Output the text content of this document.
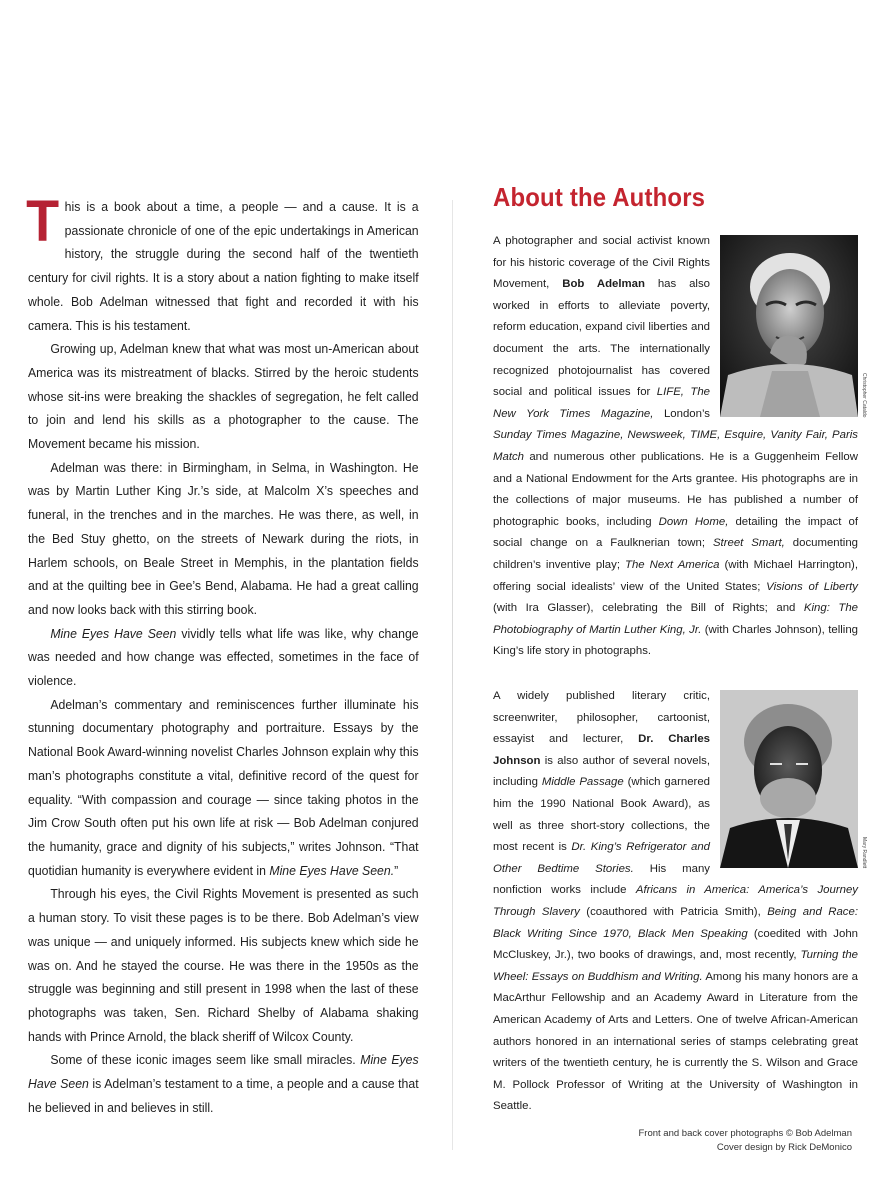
This is a book about a time, a people — and a cause. It is a passionate chronicle of one of the epic undertakings in American history, the struggle during the second half of the twentieth century for civil rights. It is a story about a nation fighting to make itself whole. Bob Adelman witnessed that fight and recorded it with his camera. This is his testament.

Growing up, Adelman knew that what was most un-American about America was its mistreatment of blacks. Stirred by the heroic students whose sit-ins were breaking the shackles of segregation, he felt called to join and lend his skills as a photographer to the cause. The Movement became his mission.

Adelman was there: in Birmingham, in Selma, in Washington. He was by Martin Luther King Jr.’s side, at Malcolm X’s speeches and funeral, in the trenches and in the marches. He was there, as well, in the Bed Stuy ghetto, on the streets of Newark during the riots, in Harlem schools, on Beale Street in Memphis, in the plantation fields and at the quilting bee in Gee’s Bend, Alabama. He had a great calling and now looks back with this stirring book.

Mine Eyes Have Seen vividly tells what life was like, why change was needed and how change was effected, sometimes in the face of violence.

Adelman’s commentary and reminiscences further illuminate his stunning documentary photography and portraiture. Essays by the National Book Award-winning novelist Charles Johnson explain why this man’s photographs constitute a vital, definitive record of the quest for equality. “With compassion and courage — since taking photos in the Jim Crow South often put his own life at risk — Bob Adelman conjured the humanity, grace and dignity of his subjects,” writes Johnson. “That quotidian humanity is everywhere evident in Mine Eyes Have Seen.”

Through his eyes, the Civil Rights Movement is presented as such a human story. To visit these pages is to be there. Bob Adelman’s view was unique — and uniquely informed. His subjects knew which side he was on. And he stayed the course. He was there in the 1950s as the struggle was beginning and still present in 1998 when the last of these photographs was taken, Sen. Richard Shelby of Alabama shaking hands with Prince Arnold, the black sheriff of Wilcox County.

Some of these iconic images seem like small miracles. Mine Eyes Have Seen is Adelman’s testament to a time, a people and a cause that he believed in and believes in still.

About the Authors
Christopher Cataldo

A photographer and social activist known for his historic coverage of the Civil Rights Movement, Bob Adelman has also worked in efforts to alleviate poverty, reform education, expand civil liberties and document the arts. The internationally recognized photojournalist has covered social and political issues for LIFE, The New York Times Magazine, London’s Sunday Times Magazine, Newsweek, TIME, Esquire, Vanity Fair, Paris Match and numerous other publications. He is a Guggenheim Fellow and a National Endowment for the Arts grantee. His photographs are in the collections of major museums. He has published a number of photographic books, including Down Home, detailing the impact of social change on a Faulknerian town; Street Smart, documenting children’s inventive play; The Next America (with Michael Harrington), offering social idealists’ view of the United States; Visions of Liberty (with Ira Glasser), celebrating the Bill of Rights; and King: The Photobiography of Martin Luther King, Jr. (with Charles Johnson), telling King’s life story in photographs.

Mary Randlett

A widely published literary critic, screenwriter, philosopher, cartoonist, essayist and lecturer, Dr. Charles Johnson is also author of several novels, including Middle Passage (which garnered him the 1990 National Book Award), as well as three short-story collections, the most recent is Dr. King’s Refrigerator and Other Bedtime Stories. His many nonfiction works include Africans in America: America’s Journey Through Slavery (coauthored with Patricia Smith), Being and Race: Black Writing Since 1970, Black Men Speaking (coedited with John McCluskey, Jr.), two books of drawings, and, most recently, Turning the Wheel: Essays on Buddhism and Writing. Among his many honors are a MacArthur Fellowship and an Academy Award in Literature from the American Academy of Arts and Letters. One of twelve African-American authors honored in an international series of stamps celebrating great writers of the twentieth century, he is currently the S. Wilson and Grace M. Pollock Professor of Writing at the University of Washington in Seattle.

Front and back cover photographs © Bob Adelman
Cover design by Rick DeMonico
